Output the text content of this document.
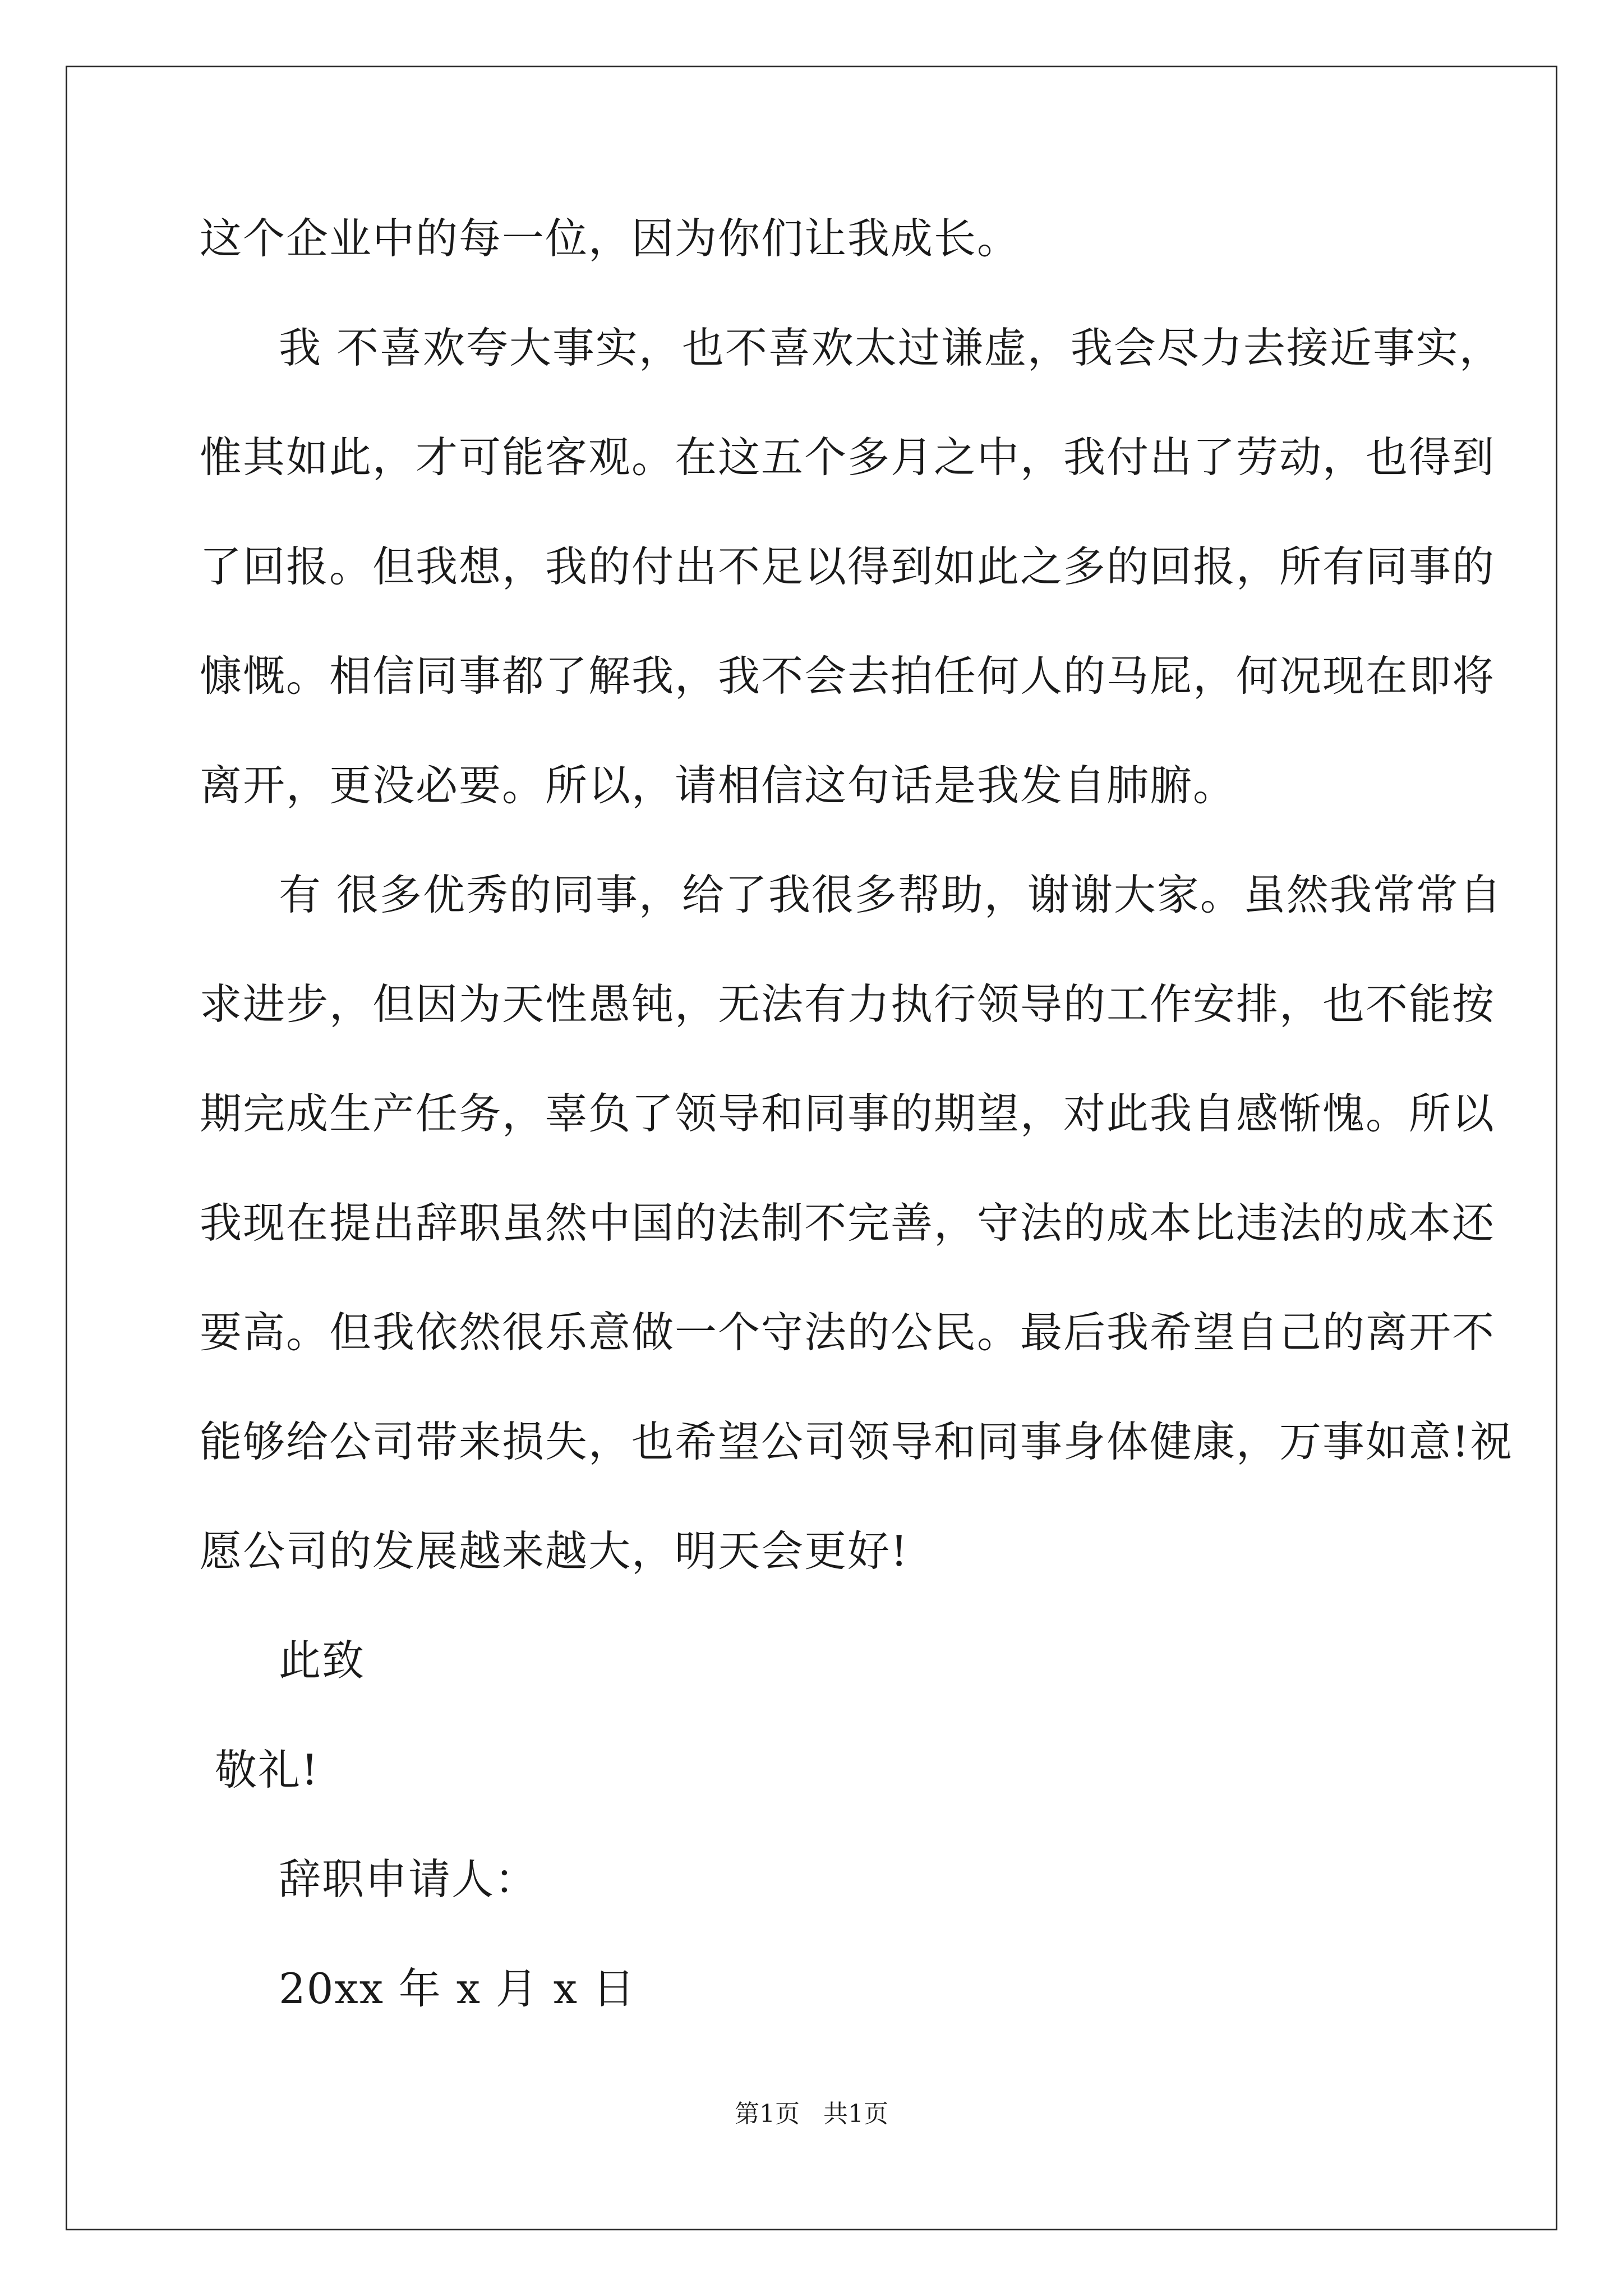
这个企业中的每一位，因为你们让我成长。
我 不喜欢夸大事实，也不喜欢太过谦虚，我会尽力去接近事实，
惟其如此，才可能客观。在这五个多月之中，我付出了劳动，也得到
了回报。但我想，我的付出不足以得到如此之多的回报，所有同事的
慷慨。相信同事都了解我，我不会去拍任何人的马屁，何况现在即将
离开，更没必要。所以，请相信这句话是我发自肺腑。
有 很多优秀的同事，给了我很多帮助，谢谢大家。虽然我常常自
求进步，但因为天性愚钝，无法有力执行领导的工作安排，也不能按
期完成生产任务，辜负了领导和同事的期望，对此我自感惭愧。所以
我现在提出辞职虽然中国的法制不完善，守法的成本比违法的成本还
要高。但我依然很乐意做一个守法的公民。最后我希望自己的离开不
能够给公司带来损失，也希望公司领导和同事身体健康，万事如意!祝
愿公司的发展越来越大，明天会更好!
此致
敬礼!
辞职申请人：
20xx 年 x 月 x 日
第1页 共1页
